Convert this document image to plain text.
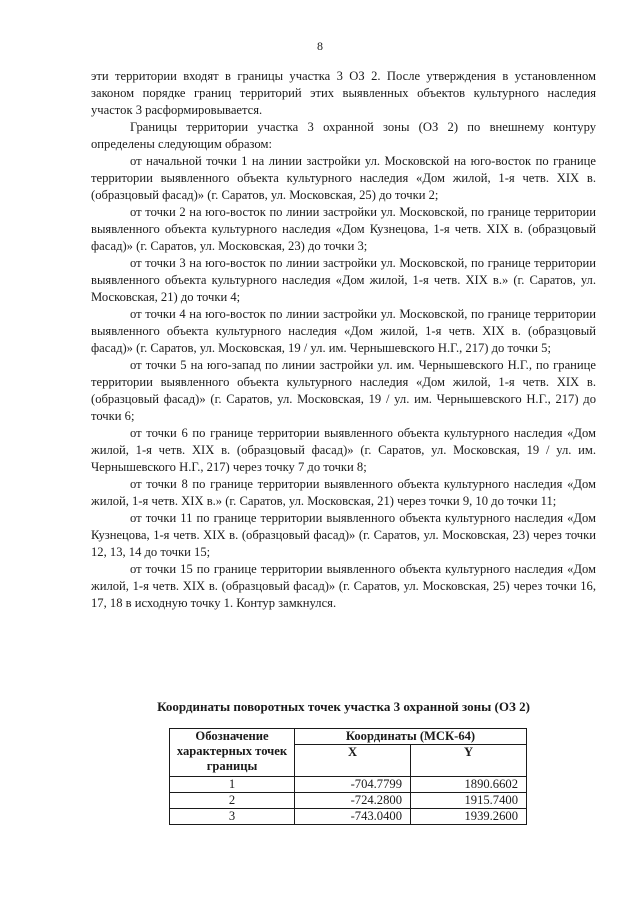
8

эти территории входят в границы участка 3 ОЗ 2. После утверждения в установленном законом порядке границ территорий этих выявленных объектов культурного наследия участок 3 расформировывается.

Границы территории участка 3 охранной зоны (ОЗ 2) по внешнему контуру определены следующим образом:

от начальной точки 1 на линии застройки ул. Московской на юго-восток по границе территории выявленного объекта культурного наследия «Дом жилой, 1-я четв. XIX в. (образцовый фасад)» (г. Саратов, ул. Московская, 25) до точки 2;

от точки 2 на юго-восток по линии застройки ул. Московской, по границе территории выявленного объекта культурного наследия «Дом Кузнецова, 1-я четв. XIX в. (образцовый фасад)» (г. Саратов, ул. Московская, 23) до точки 3;

от точки 3 на юго-восток по линии застройки ул. Московской, по границе территории выявленного объекта культурного наследия «Дом жилой, 1-я четв. XIX в.» (г. Саратов, ул. Московская, 21) до точки 4;

от точки 4 на юго-восток по линии застройки ул. Московской, по границе территории выявленного объекта культурного наследия «Дом жилой, 1-я четв. XIX в. (образцовый фасад)» (г. Саратов, ул. Московская, 19 / ул. им. Чернышевского Н.Г., 217) до точки 5;

от точки 5 на юго-запад по линии застройки ул. им. Чернышевского Н.Г., по границе территории выявленного объекта культурного наследия «Дом жилой, 1-я четв. XIX в. (образцовый фасад)» (г. Саратов, ул. Московская, 19 / ул. им. Чернышевского Н.Г., 217) до точки 6;

от точки 6 по границе территории выявленного объекта культурного наследия «Дом жилой, 1-я четв. XIX в. (образцовый фасад)» (г. Саратов, ул. Московская, 19 / ул. им. Чернышевского Н.Г., 217) через точку 7 до точки 8;

от точки 8 по границе территории выявленного объекта культурного наследия «Дом жилой, 1-я четв. XIX в.» (г. Саратов, ул. Московская, 21) через точки 9, 10 до точки 11;

от точки 11 по границе территории выявленного объекта культурного наследия «Дом Кузнецова, 1-я четв. XIX в. (образцовый фасад)» (г. Саратов, ул. Московская, 23) через точки 12, 13, 14 до точки 15;

от точки 15 по границе территории выявленного объекта культурного наследия «Дом жилой, 1-я четв. XIX в. (образцовый фасад)» (г. Саратов, ул. Московская, 25) через точки 16, 17, 18 в исходную точку 1. Контур замкнулся.

Координаты поворотных точек участка 3 охранной зоны (ОЗ 2)
Обозначение характерных точек границы	Координаты (МСК-64)	
	X	Y
1	-704.7799	1890.6602
2	-724.2800	1915.7400
3	-743.0400	1939.2600
